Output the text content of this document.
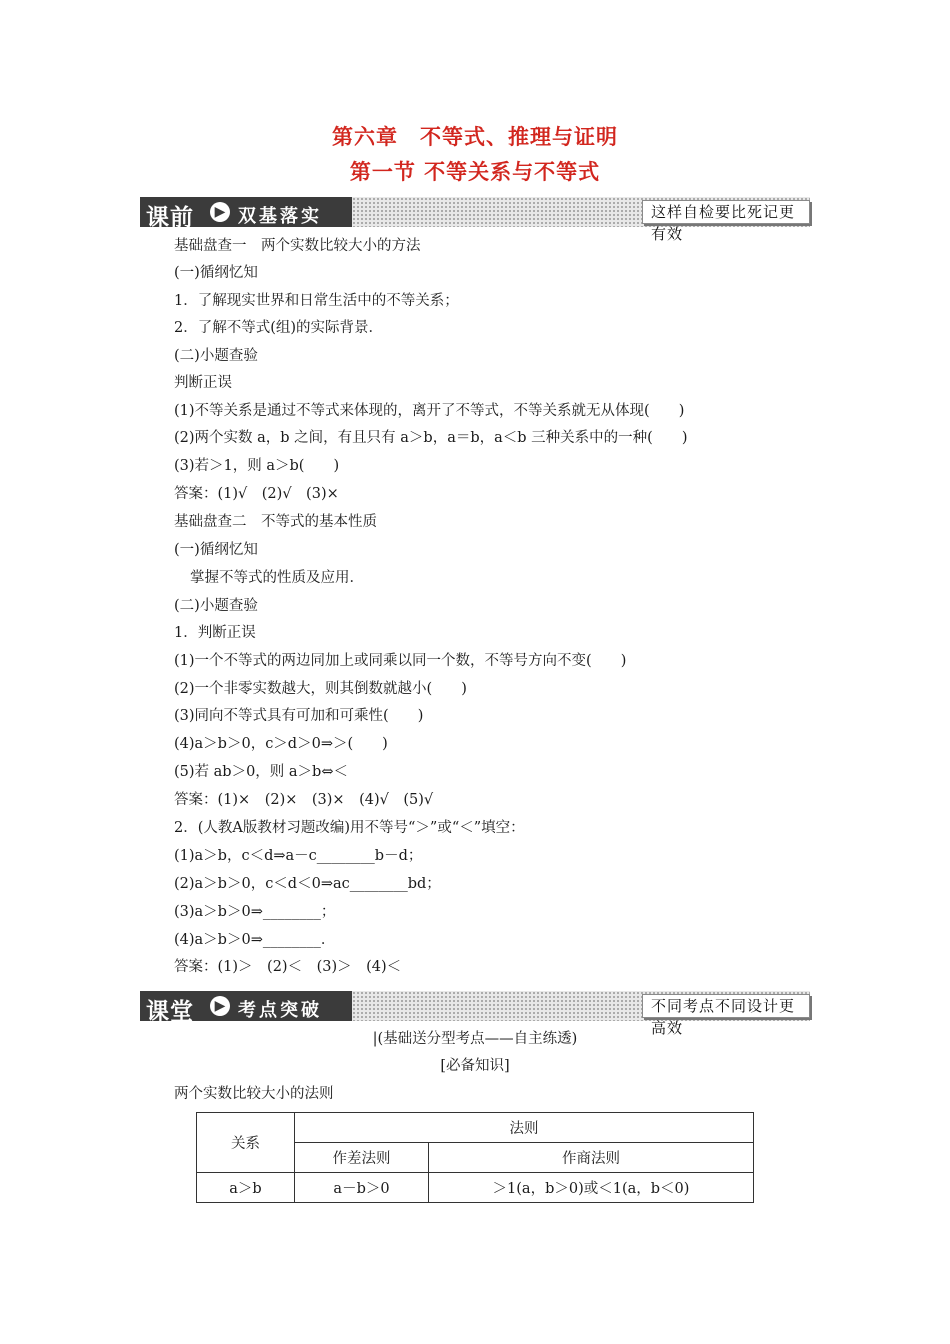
第六章　不等式、推理与证明
第一节 不等关系与不等式
课前	▶ 双基落实	这样自检要比死记更有效
基础盘查一　两个实数比较大小的方法
(一)循纲忆知
1．了解现实世界和日常生活中的不等关系；
2．了解不等式(组)的实际背景．
(二)小题查验
判断正误
(1)不等关系是通过不等式来体现的，离开了不等式，不等关系就无从体现(　　)
(2)两个实数 a，b 之间，有且只有 a＞b，a＝b，a＜b 三种关系中的一种(　　)
(3)若＞1，则 a＞b(　　)
答案：(1)√　(2)√　(3)×
基础盘查二　不等式的基本性质
(一)循纲忆知
掌握不等式的性质及应用．
(二)小题查验
1．判断正误
(1)一个不等式的两边同加上或同乘以同一个数，不等号方向不变(　　)
(2)一个非零实数越大，则其倒数就越小(　　)
(3)同向不等式具有可加和可乘性(　　)
(4)a＞b＞0，c＞d＞0⇒＞(　　)
(5)若 ab＞0，则 a＞b⇔＜
答案：(1)×　(2)×　(3)×　(4)√　(5)√
2．(人教A版教材习题改编)用不等号“＞”或“＜”填空：
(1)a＞b，c＜d⇒a－c________b－d；
(2)a＞b＞0，c＜d＜0⇒ac________bd；
(3)a＞b＞0⇒________；
(4)a＞b＞0⇒________．
答案：(1)＞　(2)＜　(3)＞　(4)＜
课堂	▶ 考点突破	不同考点不同设计更高效
|(基础送分型考点——自主练透)
[必备知识]
两个实数比较大小的法则
关系	法则	
	作差法则	作商法则
a＞b	a－b＞0	＞1(a，b＞0)或＜1(a，b＜0)
